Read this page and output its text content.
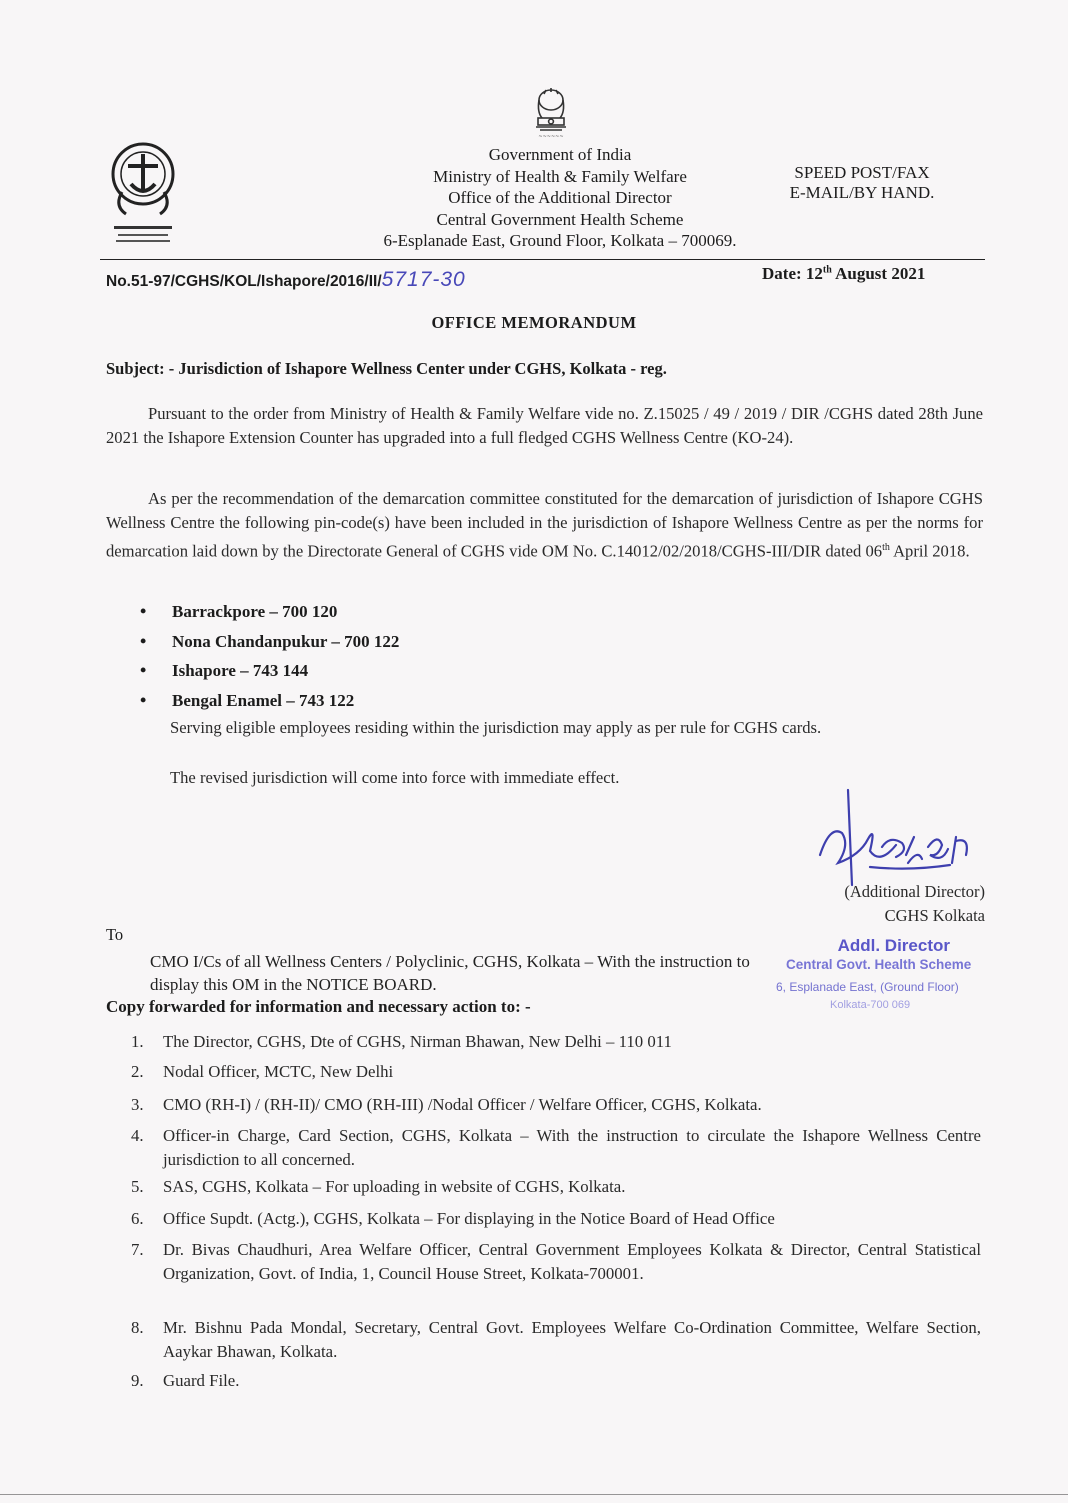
~~~~~~
Government of India
Ministry of Health & Family Welfare
Office of the Additional Director
Central Government Health Scheme
6-Esplanade East, Ground Floor, Kolkata – 700069.
SPEED POST/FAX
E-MAIL/BY HAND.
No.51-97/CGHS/KOL/Ishapore/2016/II/5717-30	Date: 12th August 2021
OFFICE MEMORANDUM
Subject: - Jurisdiction of Ishapore Wellness Center under CGHS, Kolkata - reg.
Pursuant to the order from Ministry of Health & Family Welfare vide no. Z.15025 / 49 / 2019 / DIR /CGHS dated 28th June 2021 the Ishapore Extension Counter has upgraded into a full fledged CGHS Wellness Centre (KO-24).
As per the recommendation of the demarcation committee constituted for the demarcation of jurisdiction of Ishapore CGHS Wellness Centre the following pin-code(s) have been included in the jurisdiction of Ishapore Wellness Centre as per the norms for demarcation laid down by the Directorate General of CGHS vide OM No. C.14012/02/2018/CGHS-III/DIR dated 06th April 2018.
• Barrackpore – 700 120
• Nona Chandanpukur – 700 122
• Ishapore – 743 144
• Bengal Enamel – 743 122
Serving eligible employees residing within the jurisdiction may apply as per rule for CGHS cards.
The revised jurisdiction will come into force with immediate effect.
(Additional Director)
CGHS Kolkata
Addl. Director
Central Govt. Health Scheme
6, Esplanade East, (Ground Floor)
Kolkata-700 069
To
CMO I/Cs of all Wellness Centers / Polyclinic, CGHS, Kolkata – With the instruction to
display this OM in the NOTICE BOARD.
Copy forwarded for information and necessary action to: -
1.	The Director, CGHS, Dte of CGHS, Nirman Bhawan, New Delhi – 110 011
2.	Nodal Officer, MCTC, New Delhi
3.	CMO (RH-I) / (RH-II)/ CMO (RH-III) /Nodal Officer / Welfare Officer, CGHS, Kolkata.
4.	Officer-in Charge, Card Section, CGHS, Kolkata – With the instruction to circulate the Ishapore Wellness Centre jurisdiction to all concerned.
5.	SAS, CGHS, Kolkata – For uploading in website of CGHS, Kolkata.
6.	Office Supdt. (Actg.), CGHS, Kolkata – For displaying in the Notice Board of Head Office
7.	Dr. Bivas Chaudhuri, Area Welfare Officer, Central Government Employees Kolkata & Director, Central Statistical Organization, Govt. of India, 1, Council House Street, Kolkata-700001.
8.	Mr. Bishnu Pada Mondal, Secretary, Central Govt. Employees Welfare Co-Ordination Committee, Welfare Section, Aaykar Bhawan, Kolkata.
9.	Guard File.
